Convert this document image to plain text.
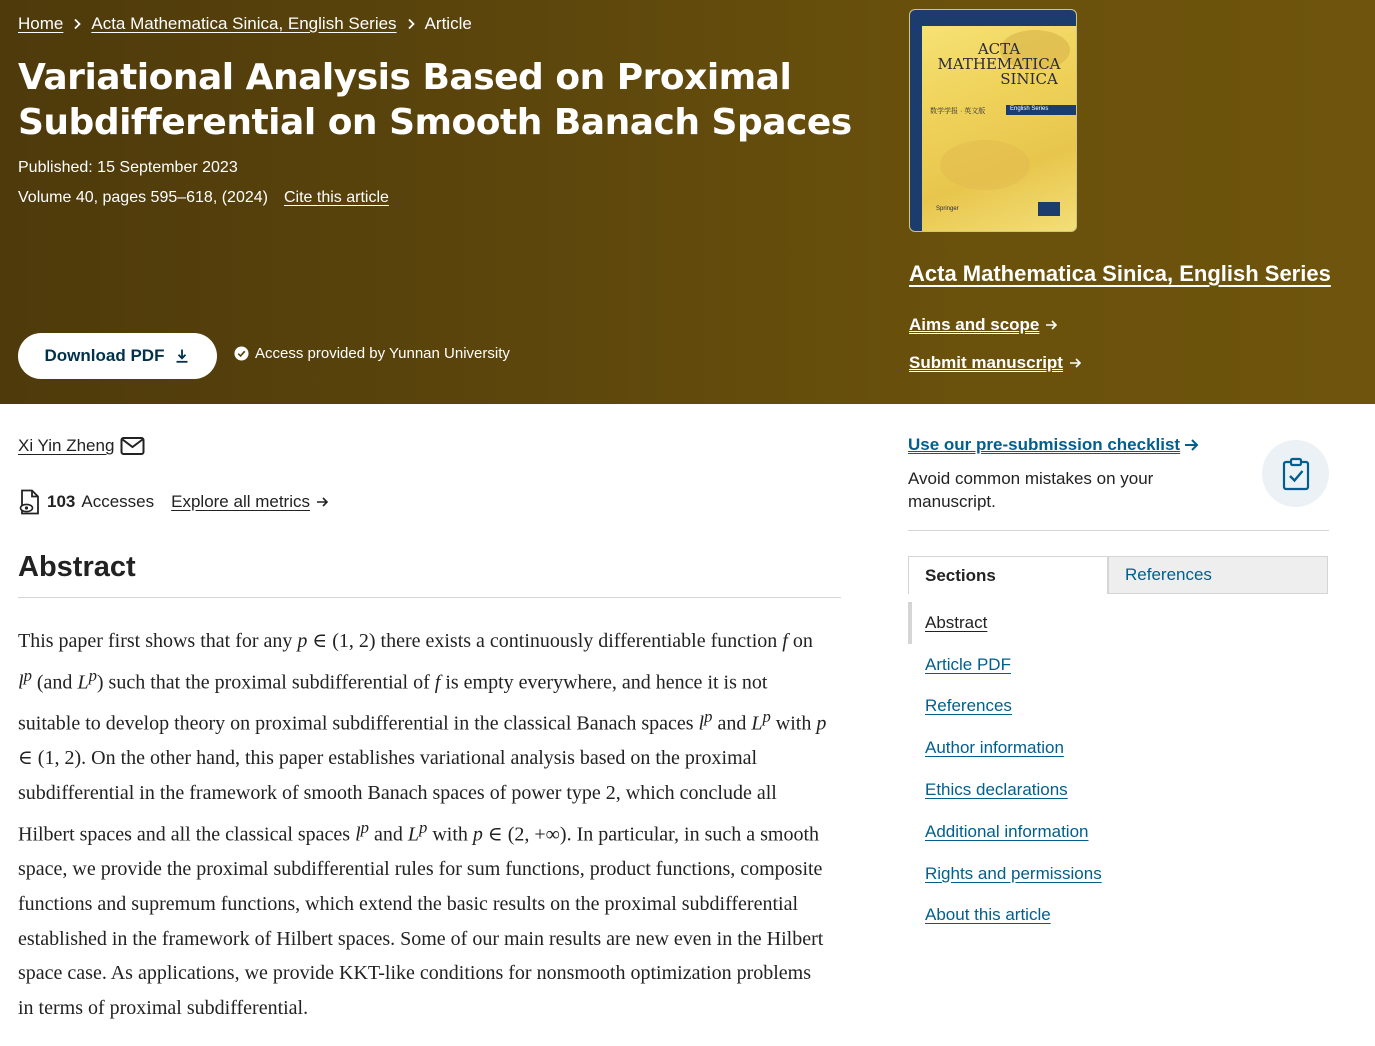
Home Acta Mathematica Sinica, English Series Article
Variational Analysis Based on Proximal Subdifferential on Smooth Banach Spaces
Published: 15 September 2023
Volume 40, pages 595–618, (2024) Cite this article
Download PDF	Access provided by Yunnan University
ACTA
MATHEMATICA
SINICA
English Series
数学学报 · 英文版
Springer
Acta Mathematica Sinica, English Series
Aims and scope
Submit manuscript
Xi Yin Zheng
103 Accesses Explore all metrics
Abstract

This paper first shows that for any p ∈ (1, 2) there exists a continuously differentiable function f on $l^p$ (and $L^p$) such that the proximal subdifferential of f is empty everywhere, and hence it is not suitable to develop theory on proximal subdifferential in the classical Banach spaces $l^p$ and $L^p$ with p ∈ (1, 2). On the other hand, this paper establishes variational analysis based on the proximal subdifferential in the framework of smooth Banach spaces of power type 2, which conclude all Hilbert spaces and all the classical spaces $l^p$ and $L^p$ with p ∈ (2, +∞). In particular, in such a smooth space, we provide the proximal subdifferential rules for sum functions, product functions, composite functions and supremum functions, which extend the basic results on the proximal subdifferential established in the framework of Hilbert spaces. Some of our main results are new even in the Hilbert space case. As applications, we provide KKT-like conditions for nonsmooth optimization problems in terms of proximal subdifferential.

Use our pre-submission checklist
Avoid common mistakes on your manuscript.
Sections	References
Abstract
Article PDF
References
Author information
Ethics declarations
Additional information
Rights and permissions
About this article
